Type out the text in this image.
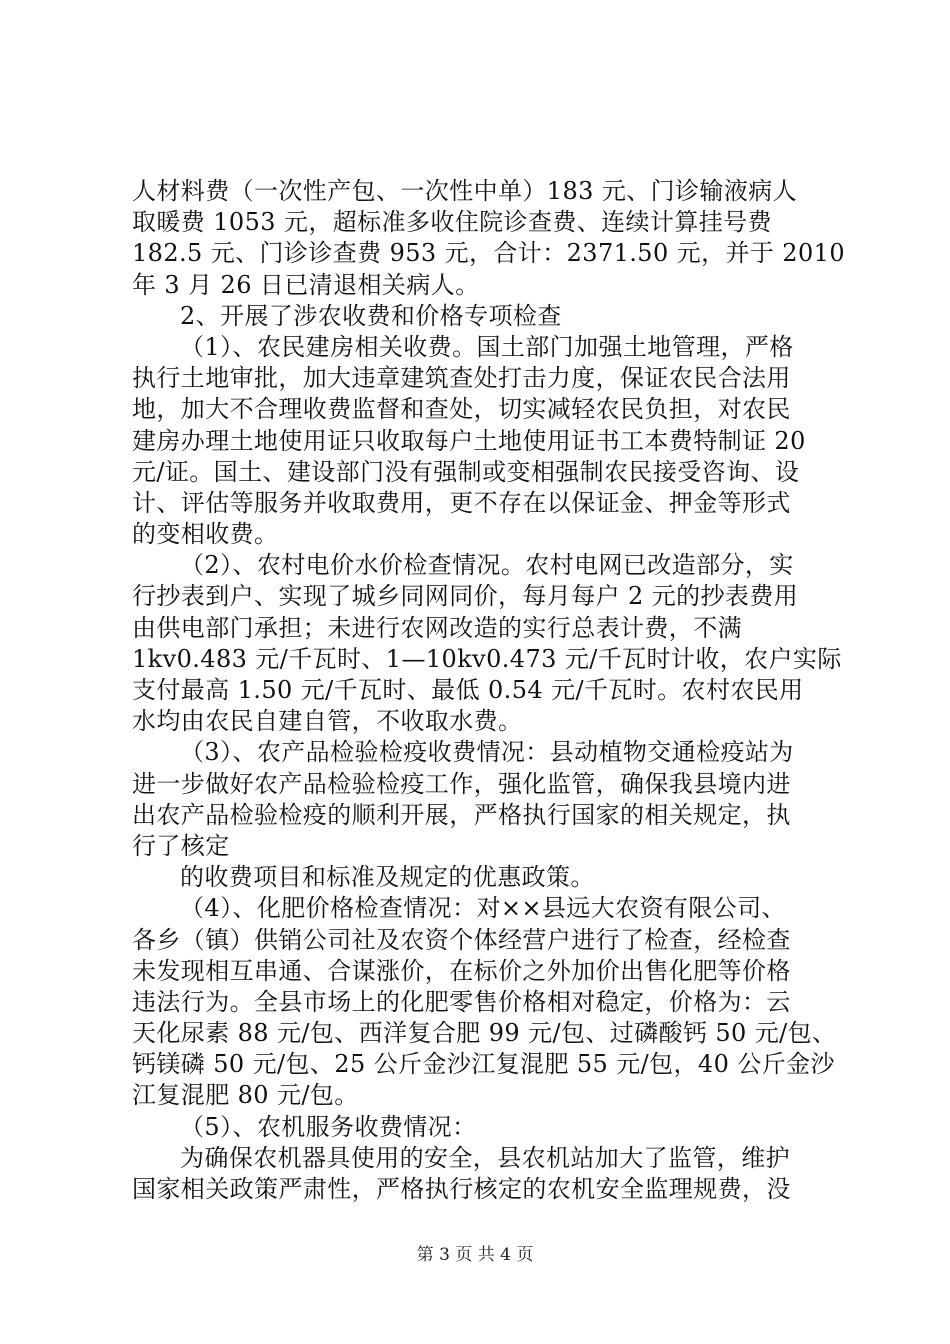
人材料费（一次性产包、一次性中单）183 元、门诊输液病人
取暖费 1053 元，超标准多收住院诊查费、连续计算挂号费
182.5 元、门诊诊查费 953 元，合计：2371.50 元，并于 2010
年 3 月 26 日已清退相关病人。
2、开展了涉农收费和价格专项检查
（1）、农民建房相关收费。国土部门加强土地管理，严格
执行土地审批，加大违章建筑查处打击力度，保证农民合法用
地，加大不合理收费监督和查处，切实减轻农民负担，对农民
建房办理土地使用证只收取每户土地使用证书工本费特制证 20
元/证。国土、建设部门没有强制或变相强制农民接受咨询、设
计、评估等服务并收取费用，更不存在以保证金、押金等形式
的变相收费。
（2）、农村电价水价检查情况。农村电网已改造部分，实
行抄表到户、实现了城乡同网同价，每月每户 2 元的抄表费用
由供电部门承担；未进行农网改造的实行总表计费，不满
1kv0.483 元/千瓦时、1—10kv0.473 元/千瓦时计收，农户实际
支付最高 1.50 元/千瓦时、最低 0.54 元/千瓦时。农村农民用
水均由农民自建自管，不收取水费。
（3）、农产品检验检疫收费情况：县动植物交通检疫站为
进一步做好农产品检验检疫工作，强化监管，确保我县境内进
出农产品检验检疫的顺利开展，严格执行国家的相关规定，执
行了核定
的收费项目和标准及规定的优惠政策。
（4）、化肥价格检查情况：对××县远大农资有限公司、
各乡（镇）供销公司社及农资个体经营户进行了检查，经检查
未发现相互串通、合谋涨价，在标价之外加价出售化肥等价格
违法行为。全县市场上的化肥零售价格相对稳定，价格为：云
天化尿素 88 元/包、西洋复合肥 99 元/包、过磷酸钙 50 元/包、
钙镁磷 50 元/包、25 公斤金沙江复混肥 55 元/包，40 公斤金沙
江复混肥 80 元/包。
（5）、农机服务收费情况：
为确保农机器具使用的安全，县农机站加大了监管，维护
国家相关政策严肃性，严格执行核定的农机安全监理规费，没
第 3 页 共 4 页
